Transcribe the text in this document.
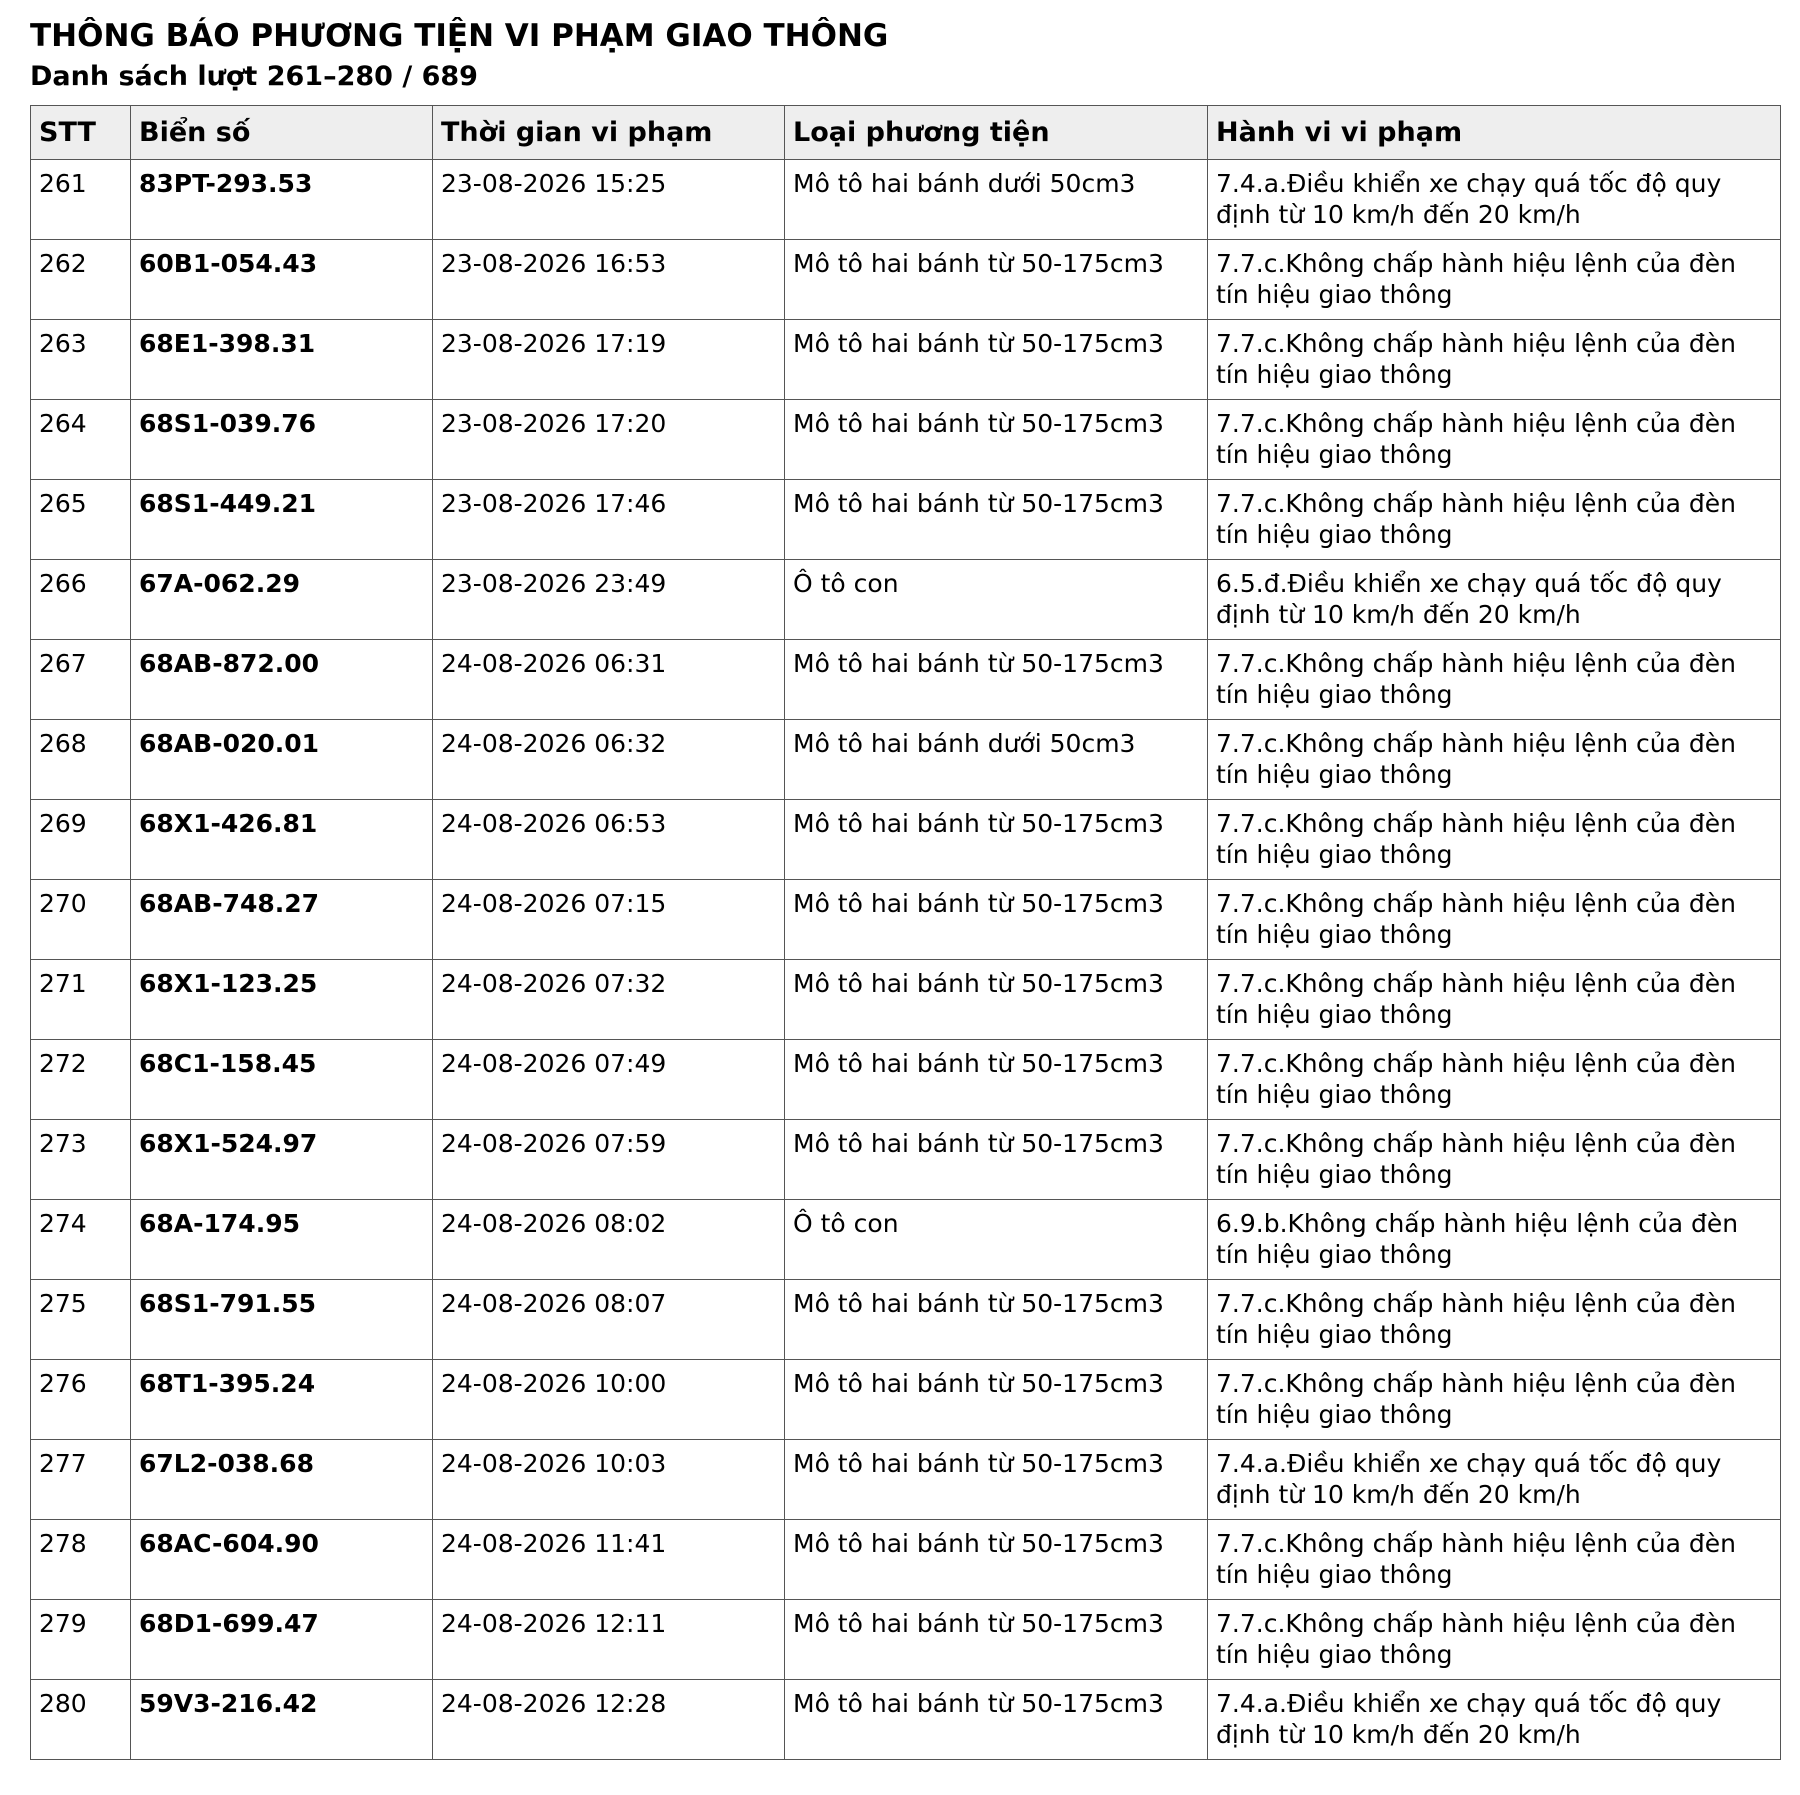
THÔNG BÁO PHƯƠNG TIỆN VI PHẠM GIAO THÔNG
Danh sách lượt 261–280 / 689
STT	Biển số	Thời gian vi phạm	Loại phương tiện	Hành vi vi phạm
261	83PT-293.53	23-08-2026 15:25	Mô tô hai bánh dưới 50cm3	7.4.a.Điều khiển xe chạy quá tốc độ quy định từ 10 km/h đến 20 km/h
262	60B1-054.43	23-08-2026 16:53	Mô tô hai bánh từ 50-175cm3	7.7.c.Không chấp hành hiệu lệnh của đèn tín hiệu giao thông
263	68E1-398.31	23-08-2026 17:19	Mô tô hai bánh từ 50-175cm3	7.7.c.Không chấp hành hiệu lệnh của đèn tín hiệu giao thông
264	68S1-039.76	23-08-2026 17:20	Mô tô hai bánh từ 50-175cm3	7.7.c.Không chấp hành hiệu lệnh của đèn tín hiệu giao thông
265	68S1-449.21	23-08-2026 17:46	Mô tô hai bánh từ 50-175cm3	7.7.c.Không chấp hành hiệu lệnh của đèn tín hiệu giao thông
266	67A-062.29	23-08-2026 23:49	Ô tô con	6.5.đ.Điều khiển xe chạy quá tốc độ quy định từ 10 km/h đến 20 km/h
267	68AB-872.00	24-08-2026 06:31	Mô tô hai bánh từ 50-175cm3	7.7.c.Không chấp hành hiệu lệnh của đèn tín hiệu giao thông
268	68AB-020.01	24-08-2026 06:32	Mô tô hai bánh dưới 50cm3	7.7.c.Không chấp hành hiệu lệnh của đèn tín hiệu giao thông
269	68X1-426.81	24-08-2026 06:53	Mô tô hai bánh từ 50-175cm3	7.7.c.Không chấp hành hiệu lệnh của đèn tín hiệu giao thông
270	68AB-748.27	24-08-2026 07:15	Mô tô hai bánh từ 50-175cm3	7.7.c.Không chấp hành hiệu lệnh của đèn tín hiệu giao thông
271	68X1-123.25	24-08-2026 07:32	Mô tô hai bánh từ 50-175cm3	7.7.c.Không chấp hành hiệu lệnh của đèn tín hiệu giao thông
272	68C1-158.45	24-08-2026 07:49	Mô tô hai bánh từ 50-175cm3	7.7.c.Không chấp hành hiệu lệnh của đèn tín hiệu giao thông
273	68X1-524.97	24-08-2026 07:59	Mô tô hai bánh từ 50-175cm3	7.7.c.Không chấp hành hiệu lệnh của đèn tín hiệu giao thông
274	68A-174.95	24-08-2026 08:02	Ô tô con	6.9.b.Không chấp hành hiệu lệnh của đèn tín hiệu giao thông
275	68S1-791.55	24-08-2026 08:07	Mô tô hai bánh từ 50-175cm3	7.7.c.Không chấp hành hiệu lệnh của đèn tín hiệu giao thông
276	68T1-395.24	24-08-2026 10:00	Mô tô hai bánh từ 50-175cm3	7.7.c.Không chấp hành hiệu lệnh của đèn tín hiệu giao thông
277	67L2-038.68	24-08-2026 10:03	Mô tô hai bánh từ 50-175cm3	7.4.a.Điều khiển xe chạy quá tốc độ quy định từ 10 km/h đến 20 km/h
278	68AC-604.90	24-08-2026 11:41	Mô tô hai bánh từ 50-175cm3	7.7.c.Không chấp hành hiệu lệnh của đèn tín hiệu giao thông
279	68D1-699.47	24-08-2026 12:11	Mô tô hai bánh từ 50-175cm3	7.7.c.Không chấp hành hiệu lệnh của đèn tín hiệu giao thông
280	59V3-216.42	24-08-2026 12:28	Mô tô hai bánh từ 50-175cm3	7.4.a.Điều khiển xe chạy quá tốc độ quy định từ 10 km/h đến 20 km/h
